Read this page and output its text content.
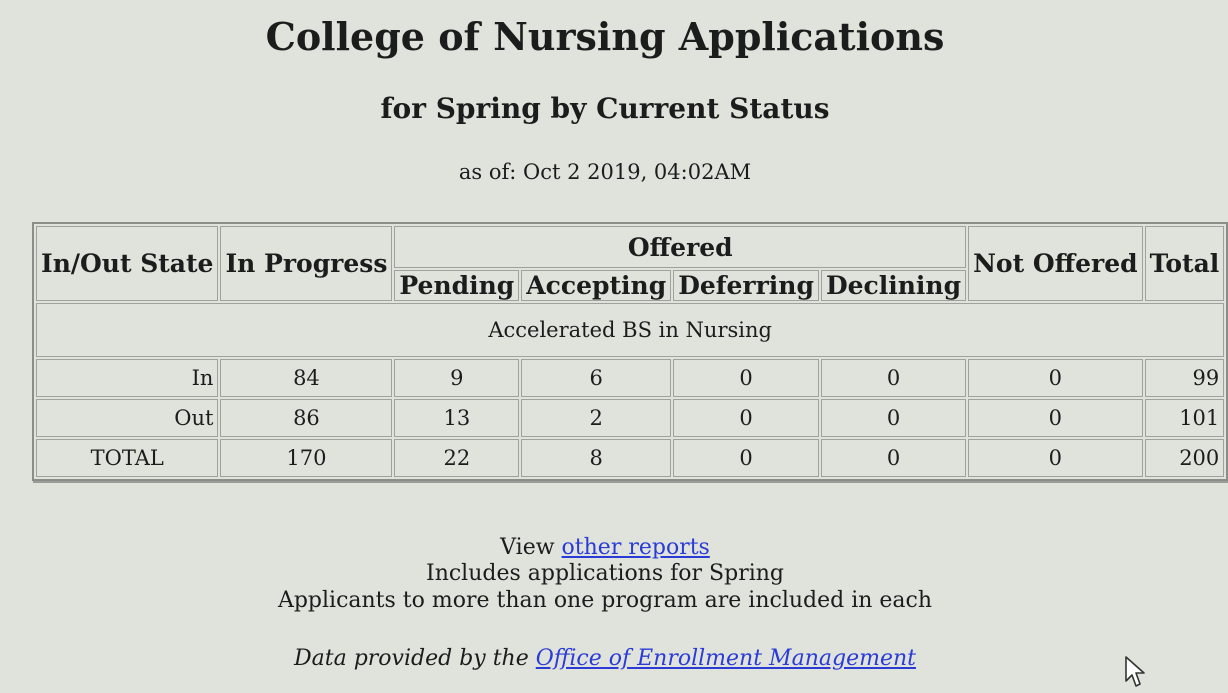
College of Nursing Applications
for Spring by Current Status
as of: Oct 2 2019, 04:02AM
In/Out State	In Progress	Offered				Not Offered	Total
		Pending	Accepting	Deferring	Declining		
Accelerated BS in Nursing							
In	84	9	6	0	0	0	99
Out	86	13	2	0	0	0	101
TOTAL	170	22	8	0	0	0	200
View other reports
Includes applications for Spring
Applicants to more than one program are included in each
Data provided by the Office of Enrollment Management
